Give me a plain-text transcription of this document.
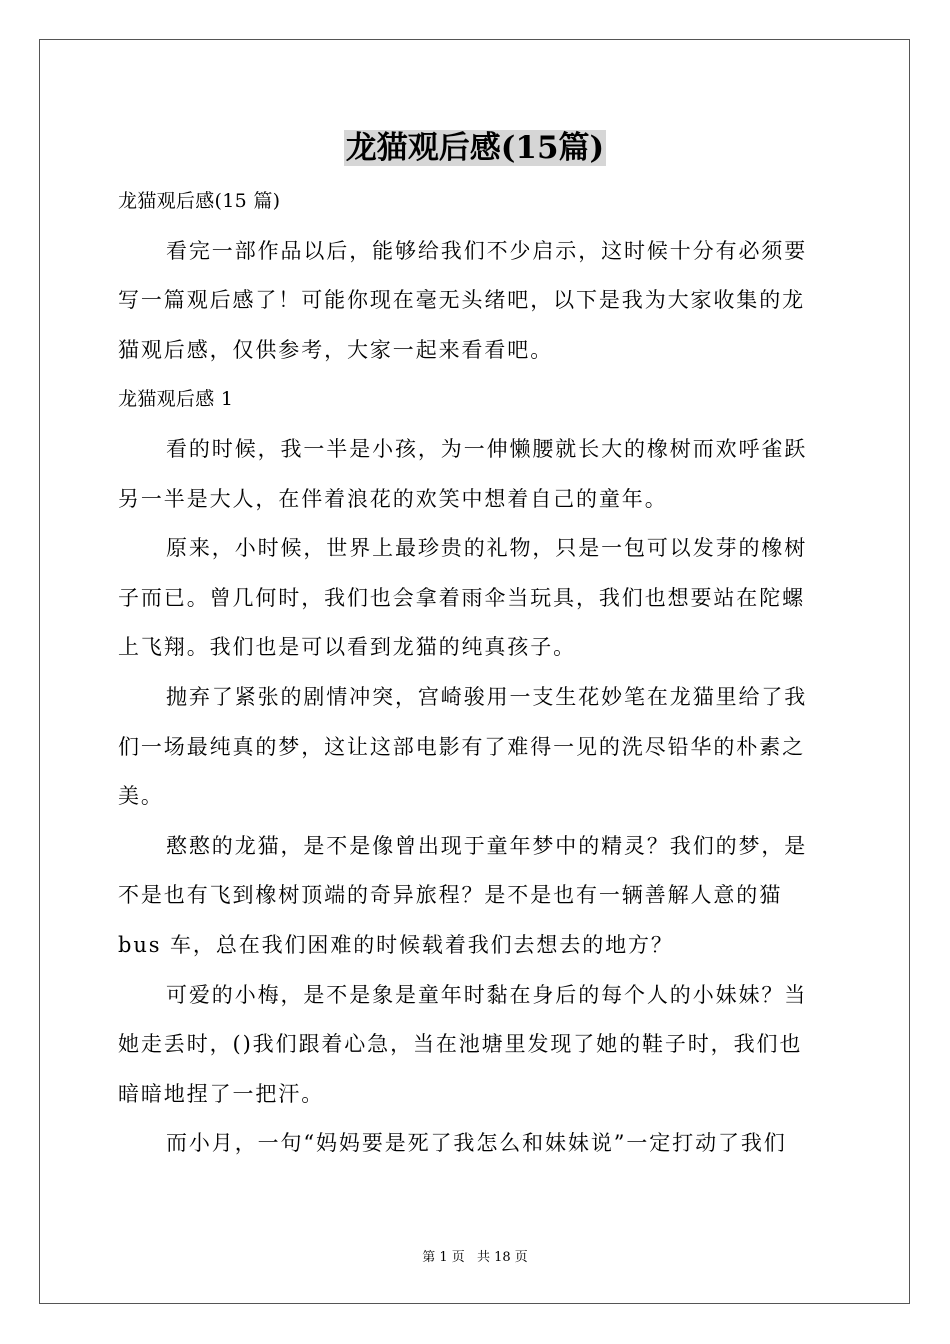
龙猫观后感(15篇)
龙猫观后感(15 篇)
看完一部作品以后，能够给我们不少启示，这时候十分有必须要
写一篇观后感了！可能你现在毫无头绪吧，以下是我为大家收集的龙
猫观后感，仅供参考，大家一起来看看吧。
龙猫观后感 1
看的时候，我一半是小孩，为一伸懒腰就长大的橡树而欢呼雀跃
另一半是大人，在伴着浪花的欢笑中想着自己的童年。
原来，小时候，世界上最珍贵的礼物，只是一包可以发芽的橡树
子而已。曾几何时，我们也会拿着雨伞当玩具，我们也想要站在陀螺
上飞翔。我们也是可以看到龙猫的纯真孩子。
抛弃了紧张的剧情冲突，宫崎骏用一支生花妙笔在龙猫里给了我
们一场最纯真的梦，这让这部电影有了难得一见的洗尽铅华的朴素之
美。
憨憨的龙猫，是不是像曾出现于童年梦中的精灵？我们的梦，是
不是也有飞到橡树顶端的奇异旅程？是不是也有一辆善解人意的猫
bus 车，总在我们困难的时候载着我们去想去的地方？
可爱的小梅，是不是象是童年时黏在身后的每个人的小妹妹？当
她走丢时，()我们跟着心急，当在池塘里发现了她的鞋子时，我们也
暗暗地捏了一把汗。
而小月，一句“妈妈要是死了我怎么和妹妹说”一定打动了我们
第 1 页 共 18 页
